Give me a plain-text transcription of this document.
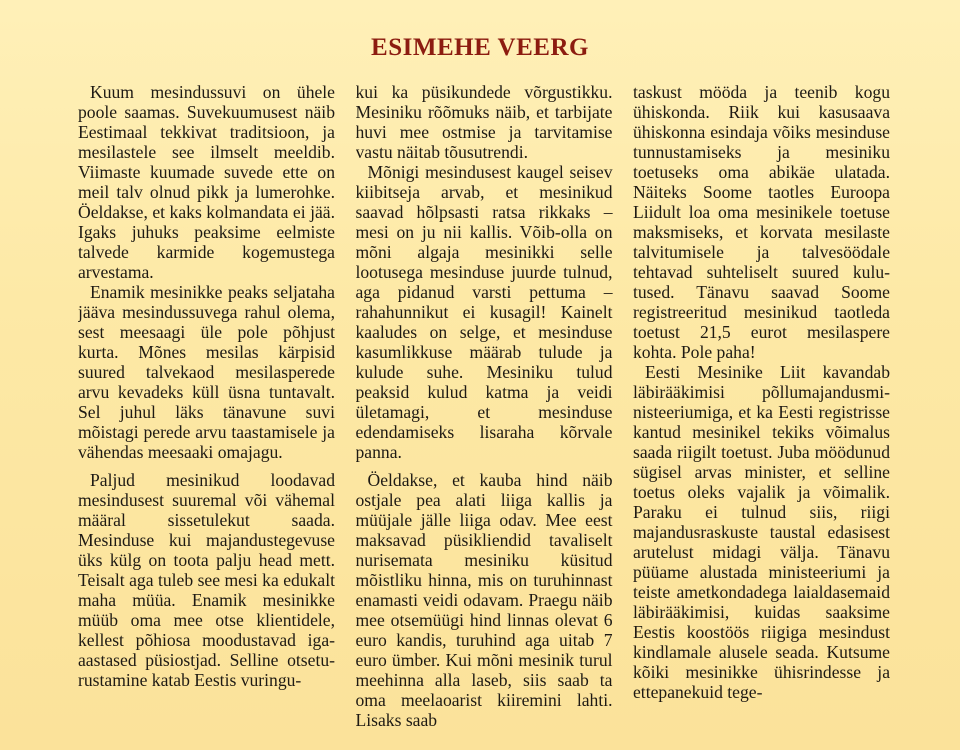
ESIMEHE VEERG

Kuum mesindussuvi on ühele poole saamas. Suvekuumusest näib Eestimaal tekkivat traditsioon, ja mesilastele see ilmselt meeldib. Viimaste kuumade suvede ette on meil talv olnud pikk ja lumerohke. Öeldakse, et kaks kolmandata ei jää. Igaks juhuks peaksime eelmiste talvede karmide kogemustega arvestama.

Enamik mesinikke peaks seljataha jääva mesindussuvega rahul olema, sest meesaagi üle pole põhjust kurta. Mõnes mesilas kärpisid suured talvekaod mesilasperede arvu kevadeks küll üsna tuntavalt. Sel juhul läks tänavune suvi mõistagi perede arvu taastamisele ja vähendas meesaaki omajagu.

Paljud mesinikud loodavad mesindusest suuremal või vähemal määral sissetulekut saada. Mesinduse kui majandustegevuse üks külg on toota palju head mett. Teisalt aga tuleb see mesi ka edukalt maha müüa. Enamik mesinikke müüb oma mee otse klientidele, kellest põhiosa moodustavad iga-aastased püsiostjad. Selline otseturustamine katab Eestis vuringu-

kui ka püsikundede võrgustikku. Mesiniku rõõmuks näib, et tarbijate huvi mee ostmise ja tarvitamise vastu näitab tõusutrendi.

Mõnigi mesindusest kaugel seisev kiibitseja arvab, et mesinikud saavad hõlpsasti ratsa rikkaks – mesi on ju nii kallis. Võib-olla on mõni algaja mesinikki selle lootusega mesinduse juurde tulnud, aga pidanud varsti pettuma – rahahunnikut ei kusagil! Kainelt kaaludes on selge, et mesinduse kasumlikkuse määrab tulude ja kulude suhe. Mesiniku tulud peaksid kulud katma ja veidi ületamagi, et mesinduse edendamiseks lisaraha kõrvale panna.

Öeldakse, et kauba hind näib ostjale pea alati liiga kallis ja müüjale jälle liiga odav. Mee eest maksavad püsikliendid tavaliselt nurisemata mesiniku küsitud mõistliku hinna, mis on turuhinnast enamasti veidi odavam. Praegu näib mee otsemüügi hind linnas olevat 6 euro kandis, turuhind aga uitab 7 euro ümber. Kui mõni mesinik turul meehinna alla laseb, siis saab ta oma meelaoarist kiiremini lahti. Lisaks saab

taskust mööda ja teenib kogu ühiskonda. Riik kui kasusaava ühiskonna esindaja võiks mesinduse tunnustamiseks ja mesiniku toetuseks oma abikäe ulatada. Näiteks Soome taotles Euroopa Liidult loa oma mesinikele toetuse maksmiseks, et korvata mesilaste talvitumisele ja talvesöödale tehtavad suhteliselt suured kulutused. Tänavu saavad Soome registreeritud mesinikud taotleda toetust 21,5 eurot mesilaspere kohta. Pole paha!

Eesti Mesinike Liit kavandab läbirääkimisi põllumajandusministeeriumiga, et ka Eesti registrisse kantud mesinikel tekiks võimalus saada riigilt toetust. Juba möödunud sügisel arvas minister, et selline toetus oleks vajalik ja võimalik. Paraku ei tulnud siis, riigi majandusraskuste taustal edasisest arutelust midagi välja. Tänavu püüame alustada ministeeriumi ja teiste ametkondadega laialdasemaid läbirääkimisi, kuidas saaksime Eestis koostöös riigiga mesindust kindlamale alusele seada. Kutsume kõiki mesinikke ühisrindesse ja ettepanekuid tege-
